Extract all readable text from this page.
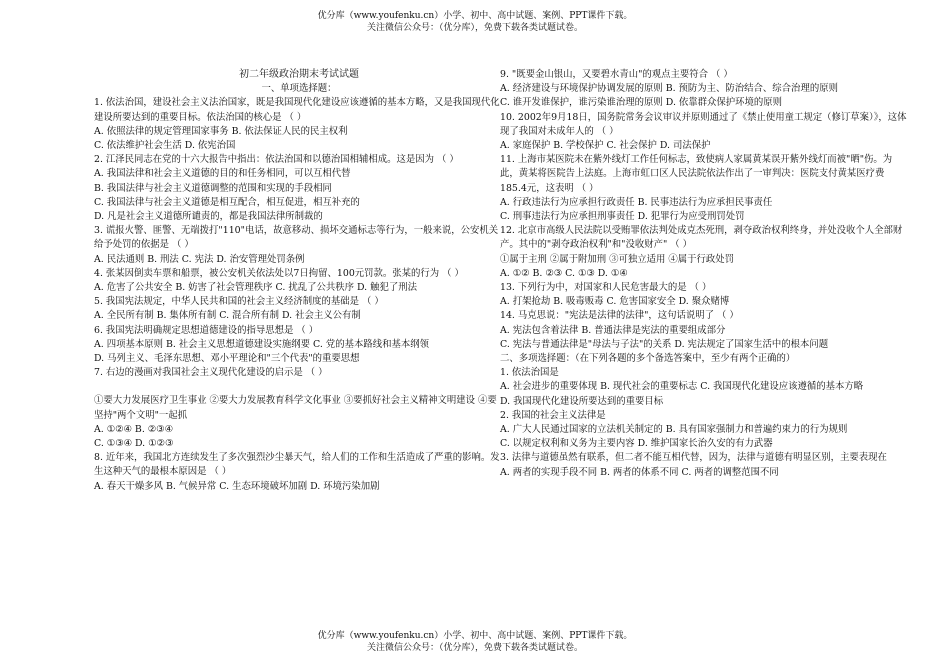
优分库（www.youfenku.cn）小学、初中、高中试题、案例、PPT课件下载。
关注微信公众号：（优分库），免费下载各类试题试卷。

初二年级政治期末考试试题

一、单项选择题：

1. 依法治国，建设社会主义法治国家，既是我国现代化建设应该遵循的基本方略，又是我国现代化建设所要达到的重要目标。依法治国的核心是 （ ）

A. 依照法律的规定管理国家事务 B. 依法保证人民的民主权利

C. 依法维护社会生活 D. 依宪治国

2. 江泽民同志在党的十六大报告中指出：依法治国和以德治国相辅相成。这是因为 （ ）

A. 我国法律和社会主义道德的目的和任务相同，可以互相代替

B. 我国法律与社会主义道德调整的范围和实现的手段相同

C. 我国法律与社会主义道德是相互配合，相互促进，相互补充的

D. 凡是社会主义道德所谴责的，都是我国法律所制裁的

3. 谎报火警、匪警、无端拨打"110"电话，故意移动、损坏交通标志等行为，一般来说，公安机关给予处罚的依据是 （ ）

A. 民法通则 B. 刑法 C. 宪法 D. 治安管理处罚条例

4. 张某因倒卖车票和船票，被公安机关依法处以7日拘留、100元罚款。张某的行为 （ ）

A. 危害了公共安全 B. 妨害了社会管理秩序 C. 扰乱了公共秩序 D. 触犯了刑法

5. 我国宪法规定，中华人民共和国的社会主义经济制度的基础是 （ ）

A. 全民所有制 B. 集体所有制 C. 混合所有制 D. 社会主义公有制

6. 我国宪法明确规定思想道德建设的指导思想是 （ ）

A. 四项基本原则 B. 社会主义思想道德建设实施纲要 C. 党的基本路线和基本纲领

D. 马列主义、毛泽东思想、邓小平理论和"三个代表"的重要思想

7. 右边的漫画对我国社会主义现代化建设的启示是 （ ）

①要大力发展医疗卫生事业 ②要大力发展教育科学文化事业 ③要抓好社会主义精神文明建设 ④要坚持"两个文明"一起抓

A. ①②④ B. ②③④

C. ①③④ D. ①②③

8. 近年来，我国北方连续发生了多次强烈沙尘暴天气，给人们的工作和生活造成了严重的影响。发生这种天气的最根本原因是 （ ）

A. 春天干燥多风 B. 气候异常 C. 生态环境破坏加剧 D. 环境污染加剧

9. "既要金山银山，又要碧水青山"的观点主要符合 （ ）

A. 经济建设与环境保护协调发展的原则 B. 预防为主、防治结合、综合治理的原则

C. 谁开发谁保护，谁污染谁治理的原则 D. 依靠群众保护环境的原则

10. 2002年9月18日，国务院常务会议审议并原则通过了《禁止使用童工规定（修订草案）》，这体现了我国对未成年人的 （ ）

A. 家庭保护 B. 学校保护 C. 社会保护 D. 司法保护

11. 上海市某医院未在紫外线灯工作任何标志，致使病人家属黄某误开紫外线灯而被"晒"伤。为此，黄某将医院告上法庭。上海市虹口区人民法院依法作出了一审判决：医院支付黄某医疗费185.4元，这表明 （ ）

A. 行政违法行为应承担行政责任 B. 民事违法行为应承担民事责任

C. 刑事违法行为应承担刑事责任 D. 犯罪行为应受刑罚处罚

12. 北京市高级人民法院以受贿罪依法判处成克杰死刑，剥夺政治权利终身，并处没收个人全部财产。其中的"剥夺政治权利"和"没收财产" （ ）

①属于主刑 ②属于附加刑 ③可独立适用 ④属于行政处罚

A. ①② B. ②③ C. ①③ D. ①④

13. 下列行为中，对国家和人民危害最大的是 （ ）

A. 打架抢劫 B. 吸毒贩毒 C. 危害国家安全 D. 聚众赌博

14. 马克思说："宪法是法律的法律"，这句话说明了 （ ）

A. 宪法包含着法律 B. 普通法律是宪法的重要组成部分

C. 宪法与普通法律是"母法与子法"的关系 D. 宪法规定了国家生活中的根本问题

二、多项选择题：（在下列各题的多个备选答案中，至少有两个正确的）

1. 依法治国是

A. 社会进步的重要体现 B. 现代社会的重要标志 C. 我国现代化建设应该遵循的基本方略

D. 我国现代化建设所要达到的重要目标

2. 我国的社会主义法律是

A. 广大人民通过国家的立法机关制定的 B. 具有国家强制力和普遍约束力的行为规则

C. 以规定权利和义务为主要内容 D. 维护国家长治久安的有力武器

3. 法律与道德虽然有联系，但二者不能互相代替，因为，法律与道德有明显区别，主要表现在

A. 两者的实现手段不同 B. 两者的体系不同 C. 两者的调整范围不同

优分库（www.youfenku.cn）小学、初中、高中试题、案例、PPT课件下载。
关注微信公众号：（优分库），免费下载各类试题试卷。
